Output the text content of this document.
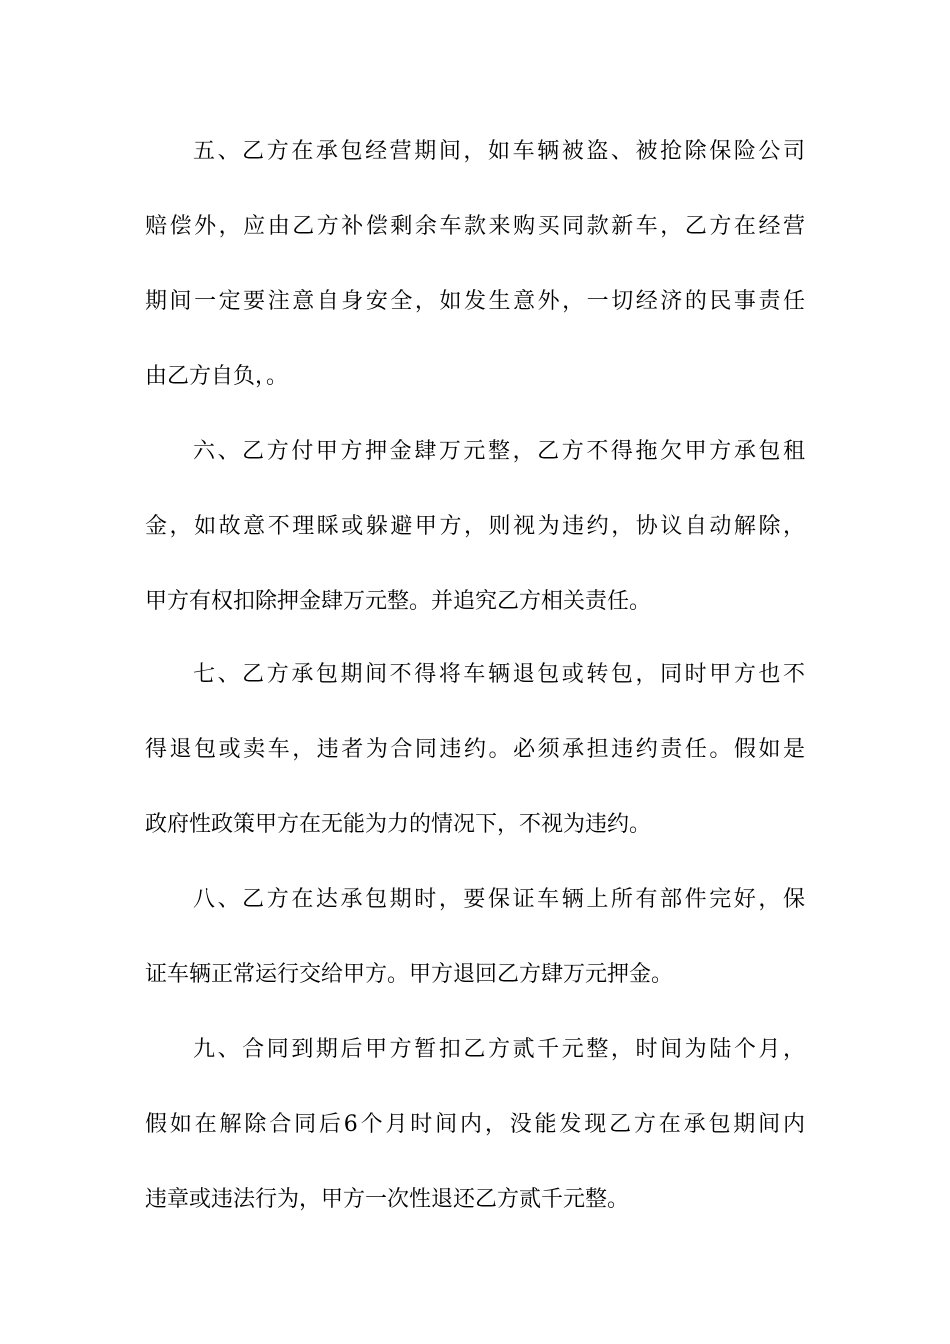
五、乙方在承包经营期间，如车辆被盗、被抢除保险公司
赔偿外，应由乙方补偿剩余车款来购买同款新车，乙方在经营
期间一定要注意自身安全，如发生意外，一切经济的民事责任
由乙方自负，。
六、乙方付甲方押金肆万元整，乙方不得拖欠甲方承包租
金，如故意不理睬或躲避甲方，则视为违约，协议自动解除，
甲方有权扣除押金肆万元整。并追究乙方相关责任。
七、乙方承包期间不得将车辆退包或转包，同时甲方也不
得退包或卖车，违者为合同违约。必须承担违约责任。假如是
政府性政策甲方在无能为力的情况下，不视为违约。
八、乙方在达承包期时，要保证车辆上所有部件完好，保
证车辆正常运行交给甲方。甲方退回乙方肆万元押金。
九、合同到期后甲方暂扣乙方贰千元整，时间为陆个月，
假如在解除合同后6个月时间内，没能发现乙方在承包期间内
违章或违法行为，甲方一次性退还乙方贰千元整。
